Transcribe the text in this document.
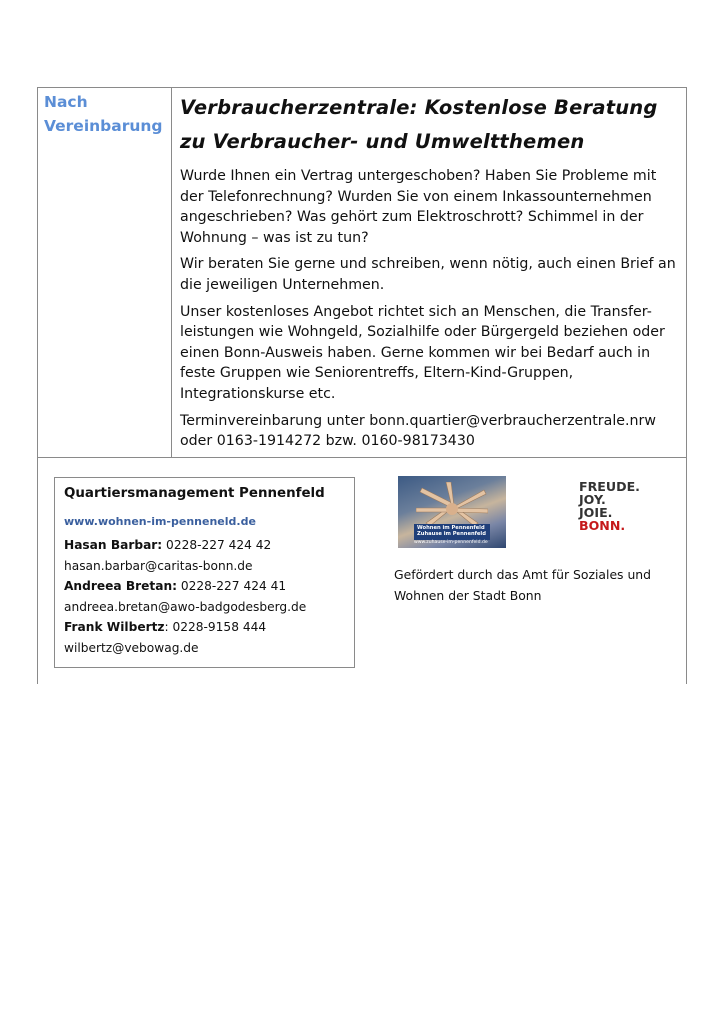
Nach
Vereinbarung
Verbraucherzentrale: Kostenlose Beratung zu Verbraucher- und Umweltthemen

Wurde Ihnen ein Vertrag untergeschoben? Haben Sie Probleme mit der Telefonrechnung? Wurden Sie von einem Inkassounternehmen angeschrieben? Was gehört zum Elektroschrott? Schimmel in der Wohnung – was ist zu tun?

Wir beraten Sie gerne und schreiben, wenn nötig, auch einen Brief an die jeweiligen Unternehmen.

Unser kostenloses Angebot richtet sich an Menschen, die Transfer-leistungen wie Wohngeld, Sozialhilfe oder Bürgergeld beziehen oder einen Bonn-Ausweis haben. Gerne kommen wir bei Bedarf auch in feste Gruppen wie Seniorentreffs, Eltern-Kind-Gruppen, Integrationskurse etc.

Terminvereinbarung unter bonn.quartier@verbraucherzentrale.nrw oder 0163-1914272 bzw. 0160-98173430

Quartiersmanagement Pennenfeld
www.wohnen-im-penneneld.de
Hasan Barbar: 0228-227 424 42
hasan.barbar@caritas-bonn.de
Andreea Bretan: 0228-227 424 41
andreea.bretan@awo-badgodesberg.de
Frank Wilbertz: 0228-9158 444
wilbertz@vebowag.de
Wohnen im Pennenfeld
Zuhause im Pennenfeld
www.zuhause-im-pennenfeld.de
FREUDE.
JOY.
JOIE.
BONN.
Gefördert durch das Amt für Soziales und
Wohnen der Stadt Bonn
